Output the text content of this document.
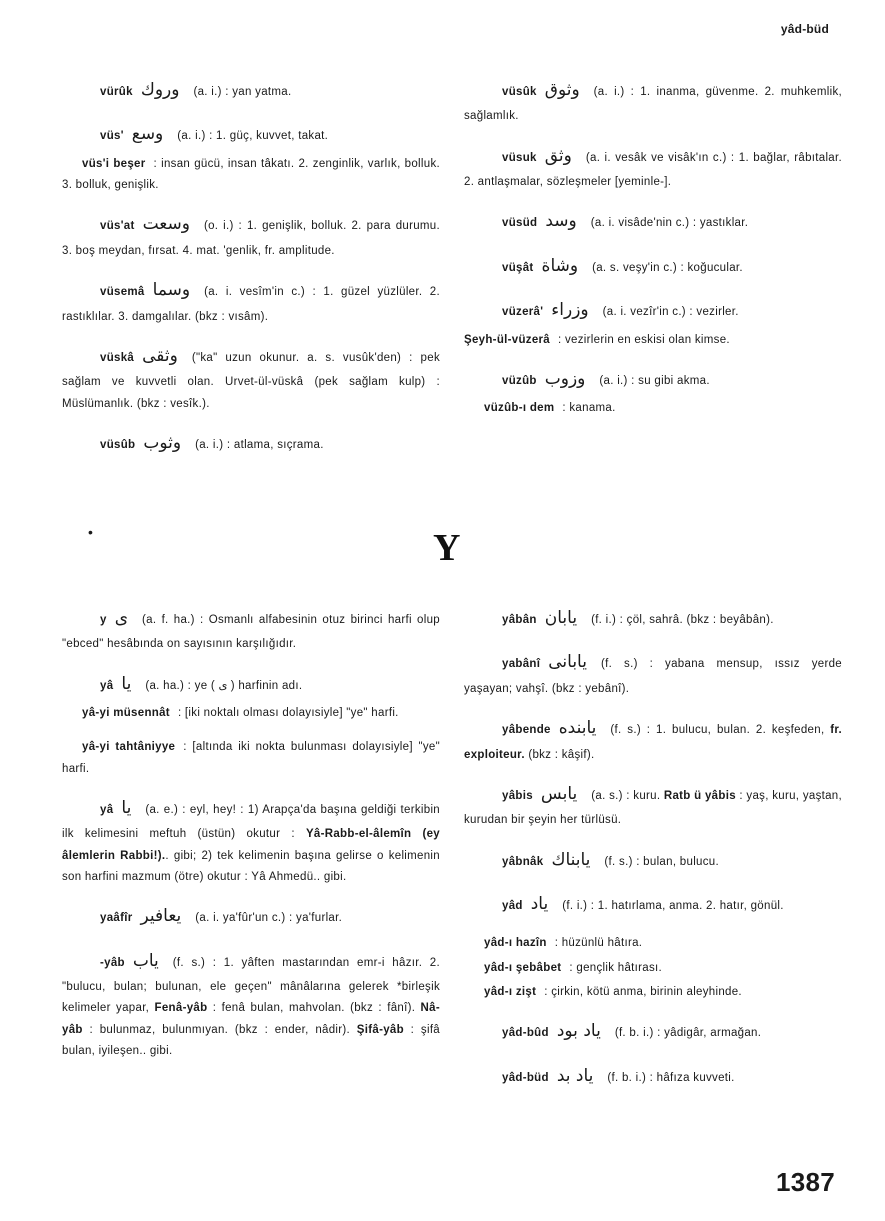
yâd-büd

vürûk وروك (a. i.) : yan yatma.

vüs' وسع (a. i.) : 1. güç, kuvvet, takat.

vüs'i beşer : insan gücü, insan tâkatı. 2. zenginlik, varlık, bolluk. 3. bolluk, genişlik.

vüs'at وسعت (o. i.) : 1. genişlik, bolluk. 2. para durumu. 3. boş meydan, fırsat. 4. mat. 'genlik, fr. amplitude.

vüsemâ وسما (a. i. vesîm'in c.) : 1. güzel yüzlüler. 2. rastıklılar. 3. damgalılar. (bkz : vısâm).

vüskâ وثقى ("ka" uzun okunur. a. s. vusûk'den) : pek sağlam ve kuvvetli olan. Urvet-ül-vüskâ (pek sağlam kulp) : Müslümanlık. (bkz : vesîk.).

vüsûb وثوب (a. i.) : atlama, sıçrama.

vüsûk وثوق (a. i.) : 1. inanma, güvenme. 2. muhkemlik, sağlamlık.

vüsuk وثق (a. i. vesâk ve visâk'ın c.) : 1. bağlar, râbıtalar. 2. antlaşmalar, sözleşmeler [yeminle-].

vüsüd وسد (a. i. visâde'nin c.) : yastıklar.

vüşât وشاة (a. s. veşy'in c.) : koğucular.

vüzerâ' وزراء (a. i. vezîr'in c.) : vezirler.

Şeyh-ül-vüzerâ : vezirlerin en eskisi olan kimse.

vüzûb وزوب (a. i.) : su gibi akma.

vüzûb-ı dem : kanama.

•	Y

y ى (a. f. ha.) : Osmanlı alfabesinin otuz birinci harfi olup "ebced" hesâbında on sayısının karşılığıdır.

yâ يا (a. ha.) : ye ( ى ) harfinin adı.

yâ-yi müsennât : [iki noktalı olması dolayısiyle] "ye" harfi.

yâ-yi tahtâniyye : [altında iki nokta bulunması dolayısiyle] "ye" harfi.

yâ يا (a. e.) : eyl, hey! : 1) Arapça'da başına geldiği terkibin ilk kelimesini meftuh (üstün) okutur : Yâ-Rabb-el-âlemîn (ey âlemlerin Rabbi!).. gibi; 2) tek kelimenin başına gelirse o kelimenin son harfini mazmum (ötre) okutur : Yâ Ahmedü.. gibi.

yaâfîr يعافير (a. i. ya'fûr'un c.) : ya'furlar.

-yâb ياب (f. s.) : 1. yâften mastarından emr-i hâzır. 2. "bulucu, bulan; bulunan, ele geçen" mânâlarına gelerek *birleşik kelimeler yapar, Fenâ-yâb : fenâ bulan, mahvolan. (bkz : fânî). Nâ-yâb : bulunmaz, bulunmıyan. (bkz : ender, nâdir). Şifâ-yâb : şifâ bulan, iyileşen.. gibi.

yâbân يابان (f. i.) : çöl, sahrâ. (bkz : beyâbân).

yabânî يابانى (f. s.) : yabana mensup, ıssız yerde yaşayan; vahşî. (bkz : yebânî).

yâbende يابنده (f. s.) : 1. bulucu, bulan. 2. keşfeden, fr. exploiteur. (bkz : kâşif).

yâbis يابس (a. s.) : kuru. Ratb ü yâbis : yaş, kuru, yaştan, kurudan bir şeyin her türlüsü.

yâbnâk يابناك (f. s.) : bulan, bulucu.

yâd ياد (f. i.) : 1. hatırlama, anma. 2. hatır, gönül.

yâd-ı hazîn : hüzünlü hâtıra.

yâd-ı şebâbet : gençlik hâtırası.

yâd-ı zişt : çirkin, kötü anma, birinin aleyhinde.

yâd-bûd ياد بود (f. b. i.) : yâdigâr, armağan.

yâd-büd ياد بد (f. b. i.) : hâfıza kuvveti.

1387
